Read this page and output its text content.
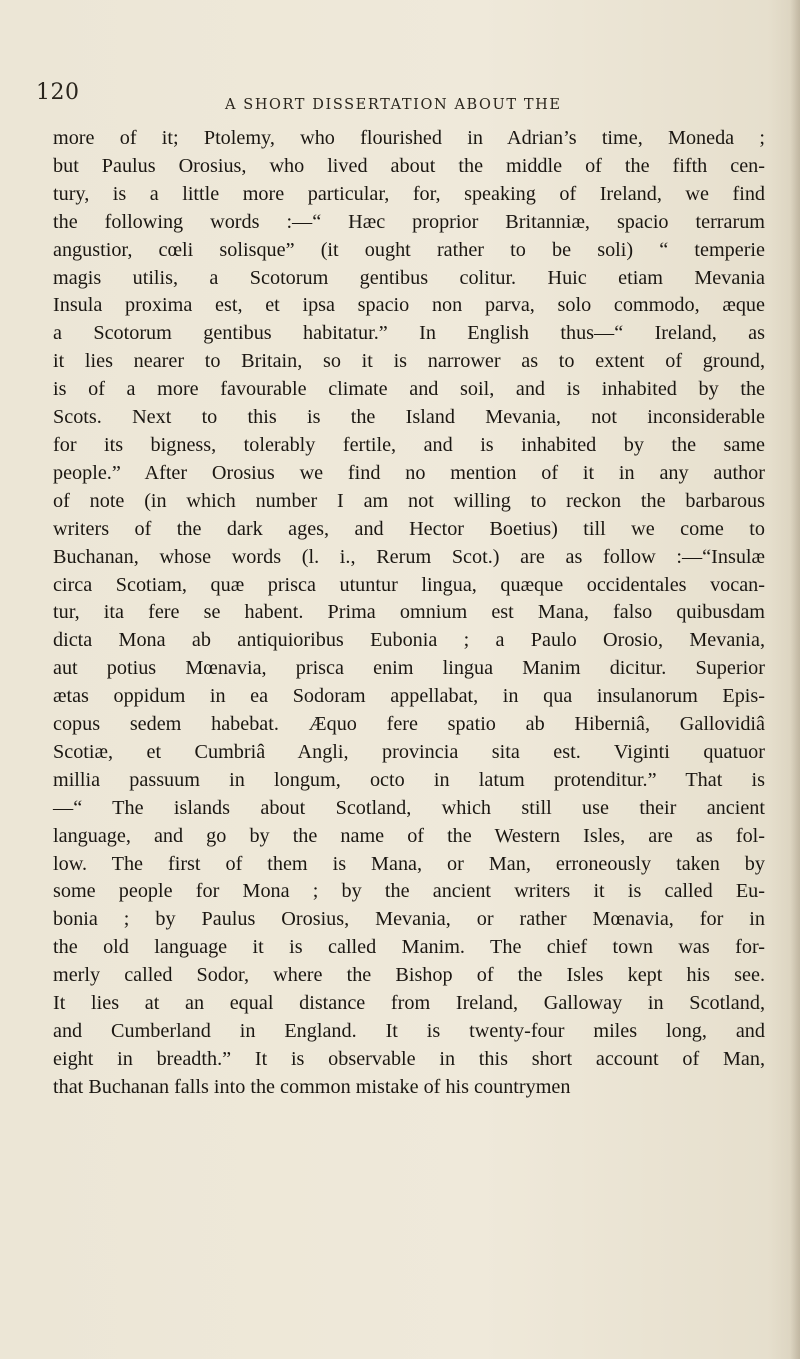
120	A SHORT DISSERTATION ABOUT THE
more of it; Ptolemy, who flourished in Adrian’s time, Moneda ;
but Paulus Orosius, who lived about the middle of the fifth cen-
tury, is a little more particular, for, speaking of Ireland, we find
the following words :—“ Hæc proprior Britanniæ, spacio terrarum
angustior, cœli solisque” (it ought rather to be soli) “ temperie
magis utilis, a Scotorum gentibus colitur. Huic etiam Mevania
Insula proxima est, et ipsa spacio non parva, solo commodo, æque
a Scotorum gentibus habitatur.” In English thus—“ Ireland, as
it lies nearer to Britain, so it is narrower as to extent of ground,
is of a more favourable climate and soil, and is inhabited by the
Scots. Next to this is the Island Mevania, not inconsiderable
for its bigness, tolerably fertile, and is inhabited by the same
people.” After Orosius we find no mention of it in any author
of note (in which number I am not willing to reckon the barbarous
writers of the dark ages, and Hector Boetius) till we come to
Buchanan, whose words (l. i., Rerum Scot.) are as follow :—“Insulæ
circa Scotiam, quæ prisca utuntur lingua, quæque occidentales vocan-
tur, ita fere se habent. Prima omnium est Mana, falso quibusdam
dicta Mona ab antiquioribus Eubonia ; a Paulo Orosio, Mevania,
aut potius Mœnavia, prisca enim lingua Manim dicitur. Superior
ætas oppidum in ea Sodoram appellabat, in qua insulanorum Epis-
copus sedem habebat. Æquo fere spatio ab Hiberniâ, Gallovidiâ
Scotiæ, et Cumbriâ Angli, provincia sita est. Viginti quatuor
millia passuum in longum, octo in latum protenditur.” That is
—“ The islands about Scotland, which still use their ancient
language, and go by the name of the Western Isles, are as fol-
low. The first of them is Mana, or Man, erroneously taken by
some people for Mona ; by the ancient writers it is called Eu-
bonia ; by Paulus Orosius, Mevania, or rather Mœnavia, for in
the old language it is called Manim. The chief town was for-
merly called Sodor, where the Bishop of the Isles kept his see.
It lies at an equal distance from Ireland, Galloway in Scotland,
and Cumberland in England. It is twenty-four miles long, and
eight in breadth.” It is observable in this short account of Man,
that Buchanan falls into the common mistake of his countrymen
